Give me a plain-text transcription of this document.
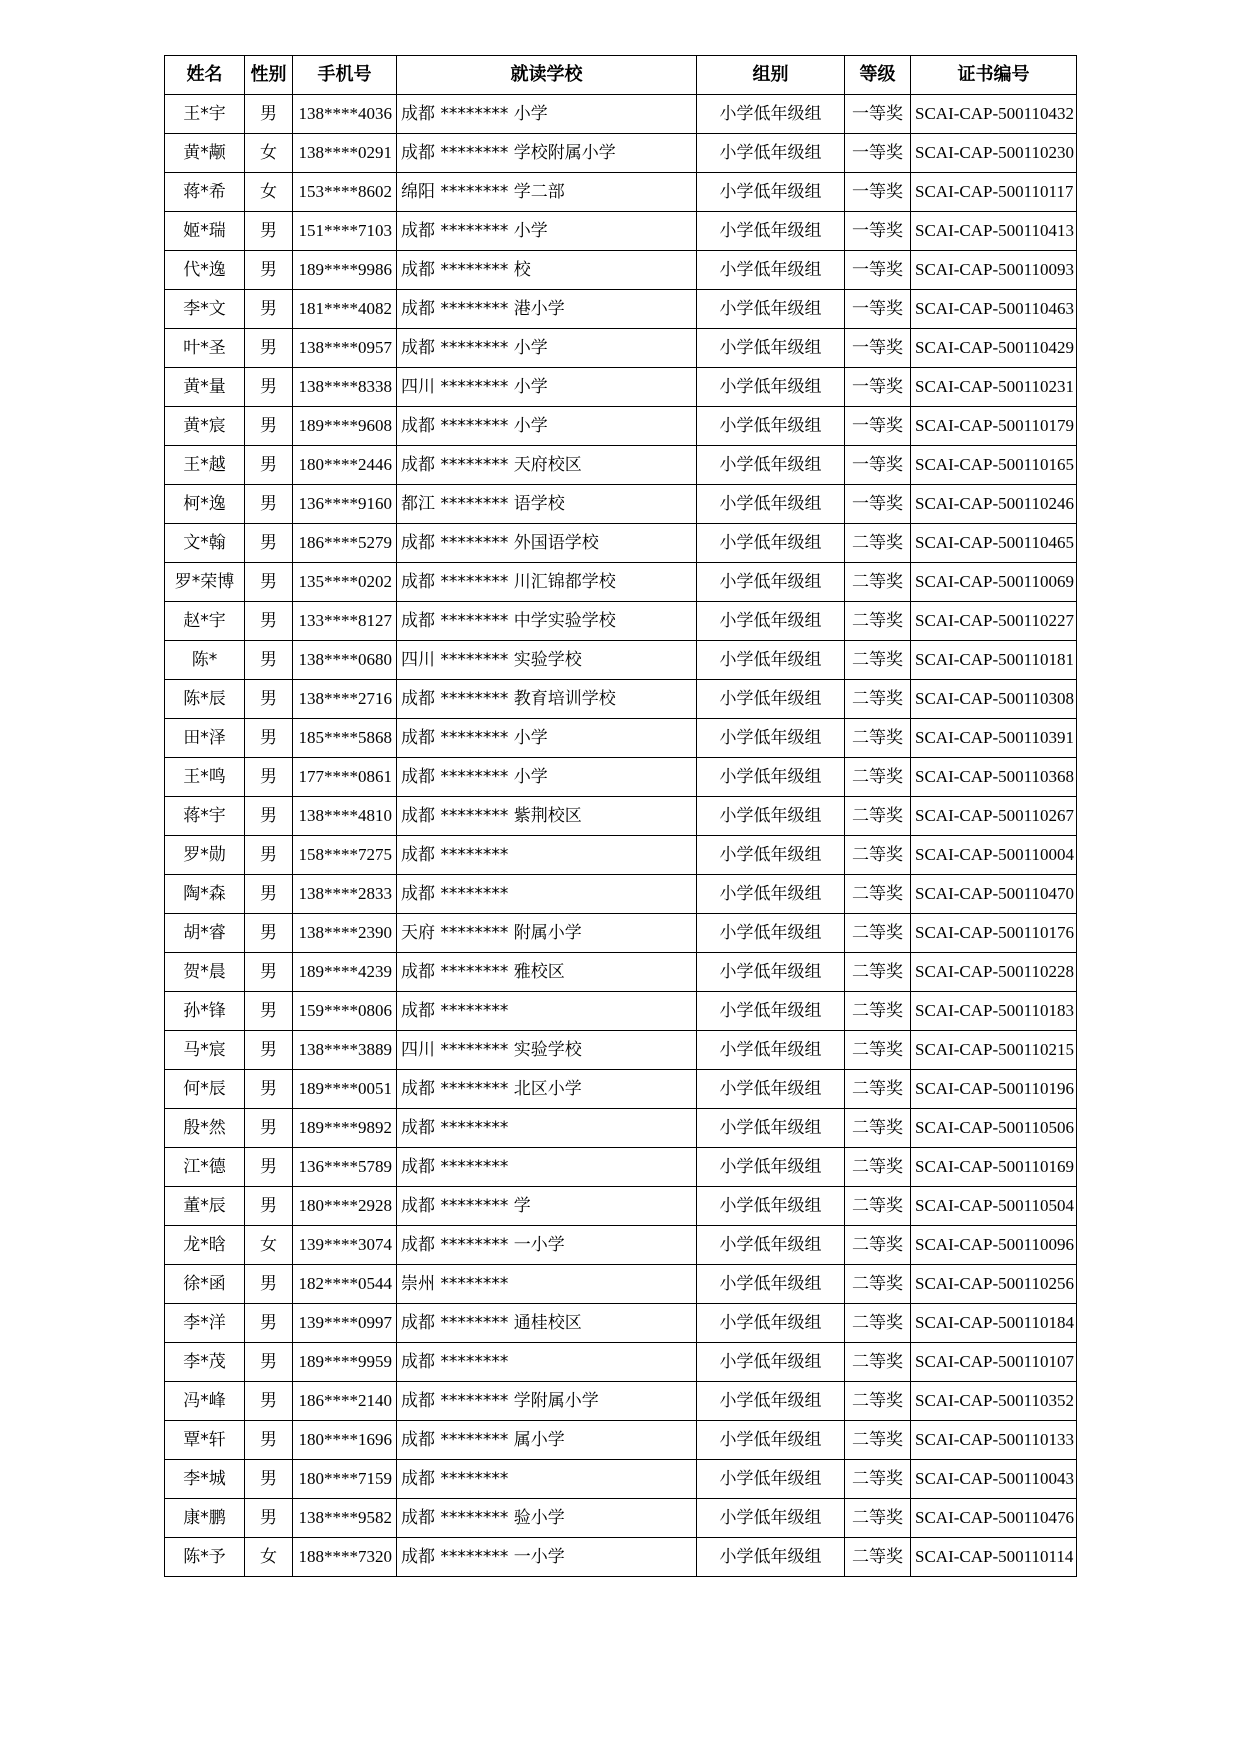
姓名	性别	手机号	就读学校	组别	等级	证书编号
王*宇	男	138****4036	成都 ******** 小学	小学低年级组	一等奖	SCAI-CAP-500110432
黄*颟	女	138****0291	成都 ******** 学校附属小学	小学低年级组	一等奖	SCAI-CAP-500110230
蒋*希	女	153****8602	绵阳 ******** 学二部	小学低年级组	一等奖	SCAI-CAP-500110117
姬*瑞	男	151****7103	成都 ******** 小学	小学低年级组	一等奖	SCAI-CAP-500110413
代*逸	男	189****9986	成都 ******** 校	小学低年级组	一等奖	SCAI-CAP-500110093
李*文	男	181****4082	成都 ******** 港小学	小学低年级组	一等奖	SCAI-CAP-500110463
叶*圣	男	138****0957	成都 ******** 小学	小学低年级组	一等奖	SCAI-CAP-500110429
黄*量	男	138****8338	四川 ******** 小学	小学低年级组	一等奖	SCAI-CAP-500110231
黄*宸	男	189****9608	成都 ******** 小学	小学低年级组	一等奖	SCAI-CAP-500110179
王*越	男	180****2446	成都 ******** 天府校区	小学低年级组	一等奖	SCAI-CAP-500110165
柯*逸	男	136****9160	都江 ******** 语学校	小学低年级组	一等奖	SCAI-CAP-500110246
文*翰	男	186****5279	成都 ******** 外国语学校	小学低年级组	二等奖	SCAI-CAP-500110465
罗*荣博	男	135****0202	成都 ******** 川汇锦都学校	小学低年级组	二等奖	SCAI-CAP-500110069
赵*宇	男	133****8127	成都 ******** 中学实验学校	小学低年级组	二等奖	SCAI-CAP-500110227
陈*	男	138****0680	四川 ******** 实验学校	小学低年级组	二等奖	SCAI-CAP-500110181
陈*辰	男	138****2716	成都 ******** 教育培训学校	小学低年级组	二等奖	SCAI-CAP-500110308
田*泽	男	185****5868	成都 ******** 小学	小学低年级组	二等奖	SCAI-CAP-500110391
王*鸣	男	177****0861	成都 ******** 小学	小学低年级组	二等奖	SCAI-CAP-500110368
蒋*宇	男	138****4810	成都 ******** 紫荆校区	小学低年级组	二等奖	SCAI-CAP-500110267
罗*勋	男	158****7275	成都 ********	小学低年级组	二等奖	SCAI-CAP-500110004
陶*森	男	138****2833	成都 ********	小学低年级组	二等奖	SCAI-CAP-500110470
胡*睿	男	138****2390	天府 ******** 附属小学	小学低年级组	二等奖	SCAI-CAP-500110176
贺*晨	男	189****4239	成都 ******** 雅校区	小学低年级组	二等奖	SCAI-CAP-500110228
孙*锋	男	159****0806	成都 ********	小学低年级组	二等奖	SCAI-CAP-500110183
马*宸	男	138****3889	四川 ******** 实验学校	小学低年级组	二等奖	SCAI-CAP-500110215
何*辰	男	189****0051	成都 ******** 北区小学	小学低年级组	二等奖	SCAI-CAP-500110196
殷*然	男	189****9892	成都 ********	小学低年级组	二等奖	SCAI-CAP-500110506
江*德	男	136****5789	成都 ********	小学低年级组	二等奖	SCAI-CAP-500110169
董*辰	男	180****2928	成都 ******** 学	小学低年级组	二等奖	SCAI-CAP-500110504
龙*晗	女	139****3074	成都 ******** 一小学	小学低年级组	二等奖	SCAI-CAP-500110096
徐*函	男	182****0544	崇州 ********	小学低年级组	二等奖	SCAI-CAP-500110256
李*洋	男	139****0997	成都 ******** 通桂校区	小学低年级组	二等奖	SCAI-CAP-500110184
李*茂	男	189****9959	成都 ********	小学低年级组	二等奖	SCAI-CAP-500110107
冯*峰	男	186****2140	成都 ******** 学附属小学	小学低年级组	二等奖	SCAI-CAP-500110352
覃*轩	男	180****1696	成都 ******** 属小学	小学低年级组	二等奖	SCAI-CAP-500110133
李*城	男	180****7159	成都 ********	小学低年级组	二等奖	SCAI-CAP-500110043
康*鹏	男	138****9582	成都 ******** 验小学	小学低年级组	二等奖	SCAI-CAP-500110476
陈*予	女	188****7320	成都 ******** 一小学	小学低年级组	二等奖	SCAI-CAP-500110114
